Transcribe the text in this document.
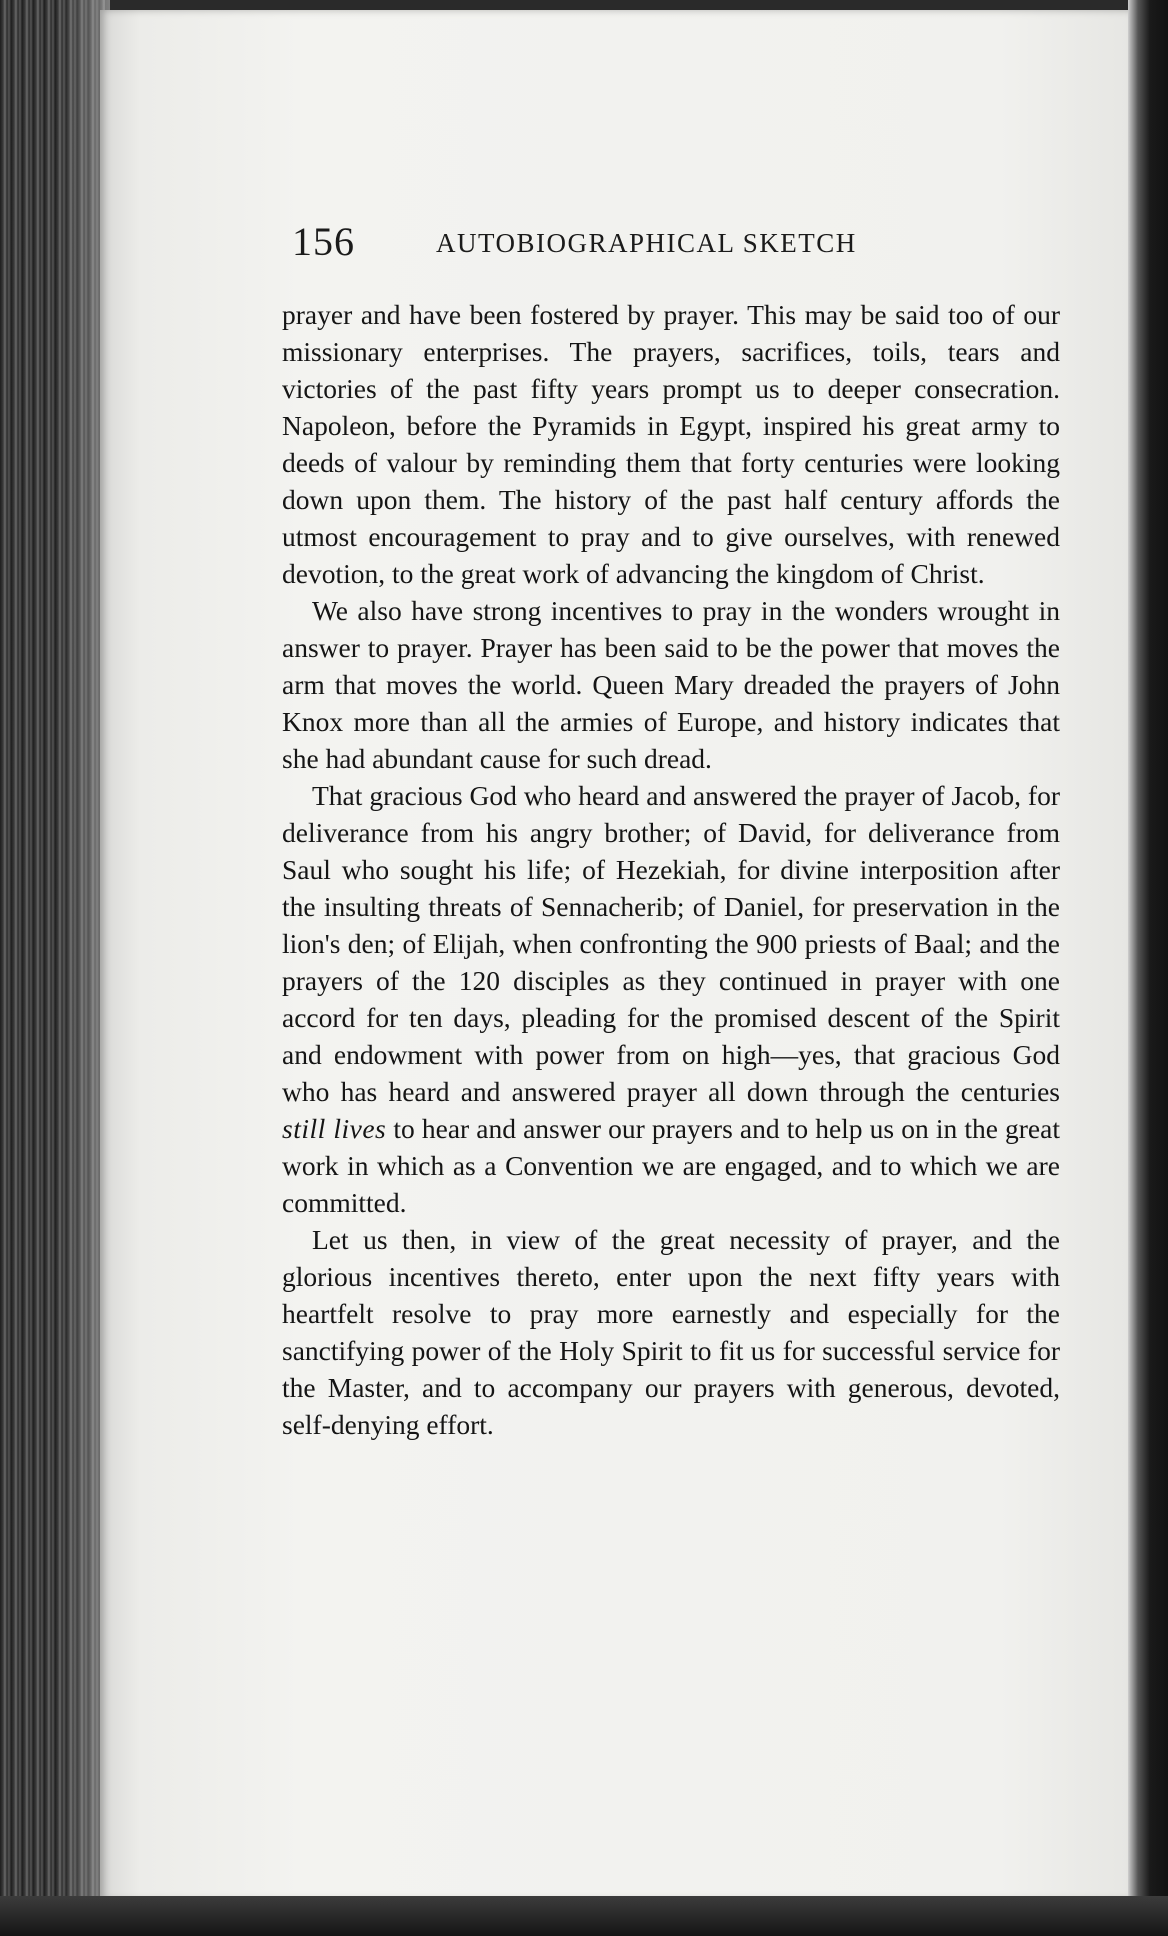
156	AUTOBIOGRAPHICAL SKETCH

prayer and have been fostered by prayer. This may be said too of our missionary enterprises. The prayers, sacrifices, toils, tears and victories of the past fifty years prompt us to deeper consecration. Napoleon, before the Pyramids in Egypt, inspired his great army to deeds of valour by reminding them that forty centuries were looking down upon them. The history of the past half century affords the utmost encouragement to pray and to give ourselves, with renewed devotion, to the great work of advancing the kingdom of Christ.

We also have strong incentives to pray in the wonders wrought in answer to prayer. Prayer has been said to be the power that moves the arm that moves the world. Queen Mary dreaded the prayers of John Knox more than all the armies of Europe, and history indicates that she had abundant cause for such dread.

That gracious God who heard and answered the prayer of Jacob, for deliverance from his angry brother; of David, for deliverance from Saul who sought his life; of Hezekiah, for divine interposition after the insulting threats of Sennacherib; of Daniel, for preservation in the lion's den; of Elijah, when confronting the 900 priests of Baal; and the prayers of the 120 disciples as they continued in prayer with one accord for ten days, pleading for the promised descent of the Spirit and endowment with power from on high—yes, that gracious God who has heard and answered prayer all down through the centuries still lives to hear and answer our prayers and to help us on in the great work in which as a Convention we are engaged, and to which we are committed.

Let us then, in view of the great necessity of prayer, and the glorious incentives thereto, enter upon the next fifty years with heartfelt resolve to pray more earnestly and especially for the sanctifying power of the Holy Spirit to fit us for successful service for the Master, and to accompany our prayers with generous, devoted, self-denying effort.
